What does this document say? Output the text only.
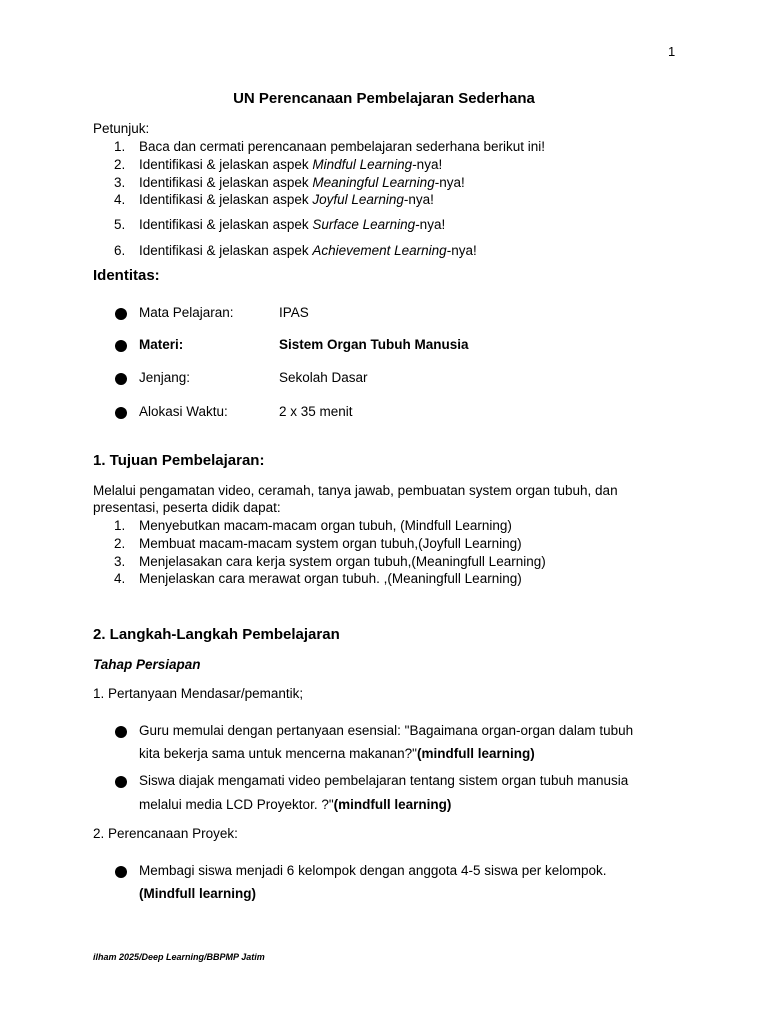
1
UN Perencanaan Pembelajaran Sederhana
Petunjuk:
1. Baca dan cermati perencanaan pembelajaran sederhana berikut ini!
2. Identifikasi & jelaskan aspek Mindful Learning-nya!
3. Identifikasi & jelaskan aspek Meaningful Learning-nya!
4. Identifikasi & jelaskan aspek Joyful Learning-nya!
5. Identifikasi & jelaskan aspek Surface Learning-nya!
6. Identifikasi & jelaskan aspek Achievement Learning-nya!
Identitas:
Mata Pelajaran:	IPAS
Materi:	Sistem Organ Tubuh Manusia
Jenjang:	Sekolah Dasar
Alokasi Waktu:	2 x 35 menit
1. Tujuan Pembelajaran:
Melalui pengamatan video, ceramah, tanya jawab, pembuatan system organ tubuh, dan
presentasi, peserta didik dapat:
1. Menyebutkan macam-macam organ tubuh, (Mindfull Learning)
2. Membuat macam-macam system organ tubuh,(Joyfull Learning)
3. Menjelasakan cara kerja system organ tubuh,(Meaningfull Learning)
4. Menjelaskan cara merawat organ tubuh. ,(Meaningfull Learning)
2. Langkah-Langkah Pembelajaran
Tahap Persiapan
1. Pertanyaan Mendasar/pemantik;
Guru memulai dengan pertanyaan esensial: "Bagaimana organ-organ dalam tubuh
kita bekerja sama untuk mencerna makanan?"(mindfull learning)
Siswa diajak mengamati video pembelajaran tentang sistem organ tubuh manusia
melalui media LCD Proyektor. ?"(mindfull learning)
2. Perencanaan Proyek:
Membagi siswa menjadi 6 kelompok dengan anggota 4-5 siswa per kelompok.
(Mindfull learning)
ilham 2025/Deep Learning/BBPMP Jatim
